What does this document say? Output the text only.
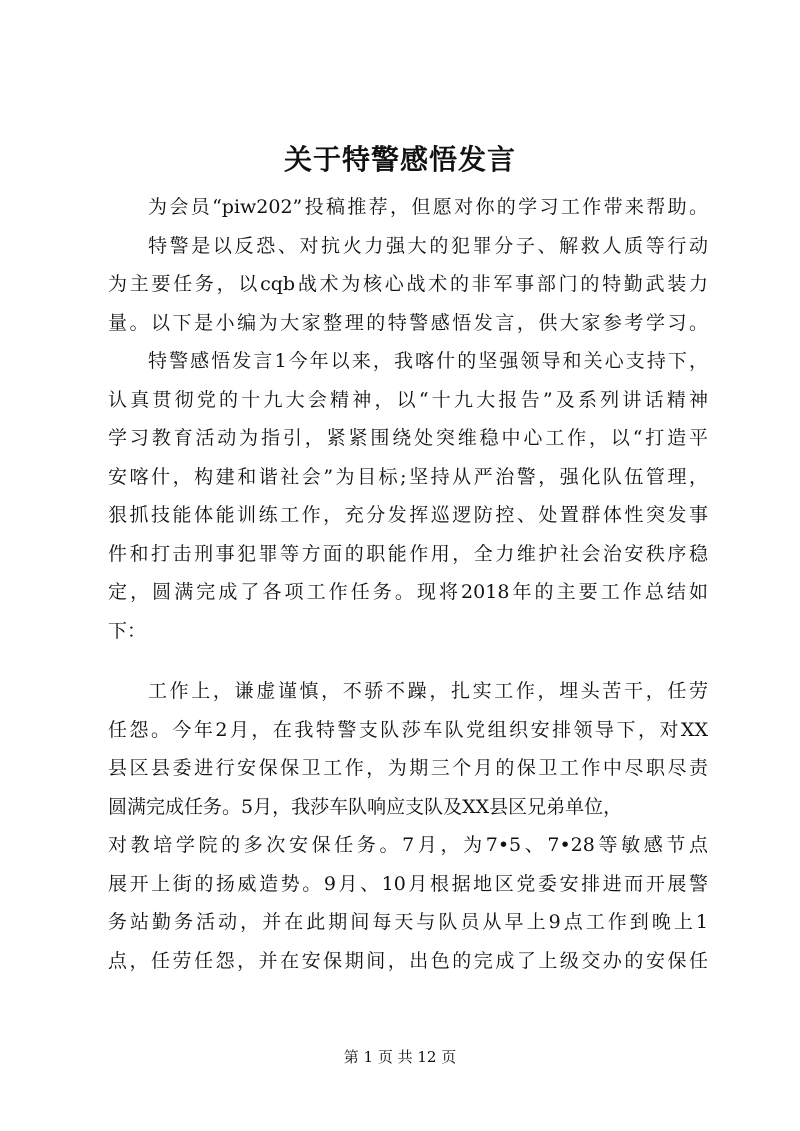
关于特警感悟发言
为会员“piw202”投稿推荐，但愿对你的学习工作带来帮助。
特警是以反恐、对抗火力强大的犯罪分子、解救人质等行动
为主要任务，以cqb战术为核心战术的非军事部门的特勤武装力
量。以下是小编为大家整理的特警感悟发言，供大家参考学习。
特警感悟发言1今年以来，我喀什的坚强领导和关心支持下，
认真贯彻党的十九大会精神，以“十九大报告”及系列讲话精神
学习教育活动为指引，紧紧围绕处突维稳中心工作，以“打造平
安喀什，构建和谐社会”为目标;坚持从严治警，强化队伍管理，
狠抓技能体能训练工作，充分发挥巡逻防控、处置群体性突发事
件和打击刑事犯罪等方面的职能作用，全力维护社会治安秩序稳
定，圆满完成了各项工作任务。现将2018年的主要工作总结如
下：
工作上，谦虚谨慎，不骄不躁，扎实工作，埋头苦干，任劳
任怨。今年2月，在我特警支队莎车队党组织安排领导下，对XX
县区县委进行安保保卫工作，为期三个月的保卫工作中尽职尽责
圆满完成任务。5月，我莎车队响应支队及XX县区兄弟单位，
对教培学院的多次安保任务。7月，为7•5、7•28等敏感节点
展开上街的扬威造势。9月、10月根据地区党委安排进而开展警
务站勤务活动，并在此期间每天与队员从早上9点工作到晚上1
点，任劳任怨，并在安保期间，出色的完成了上级交办的安保任
第 1 页 共 12 页
